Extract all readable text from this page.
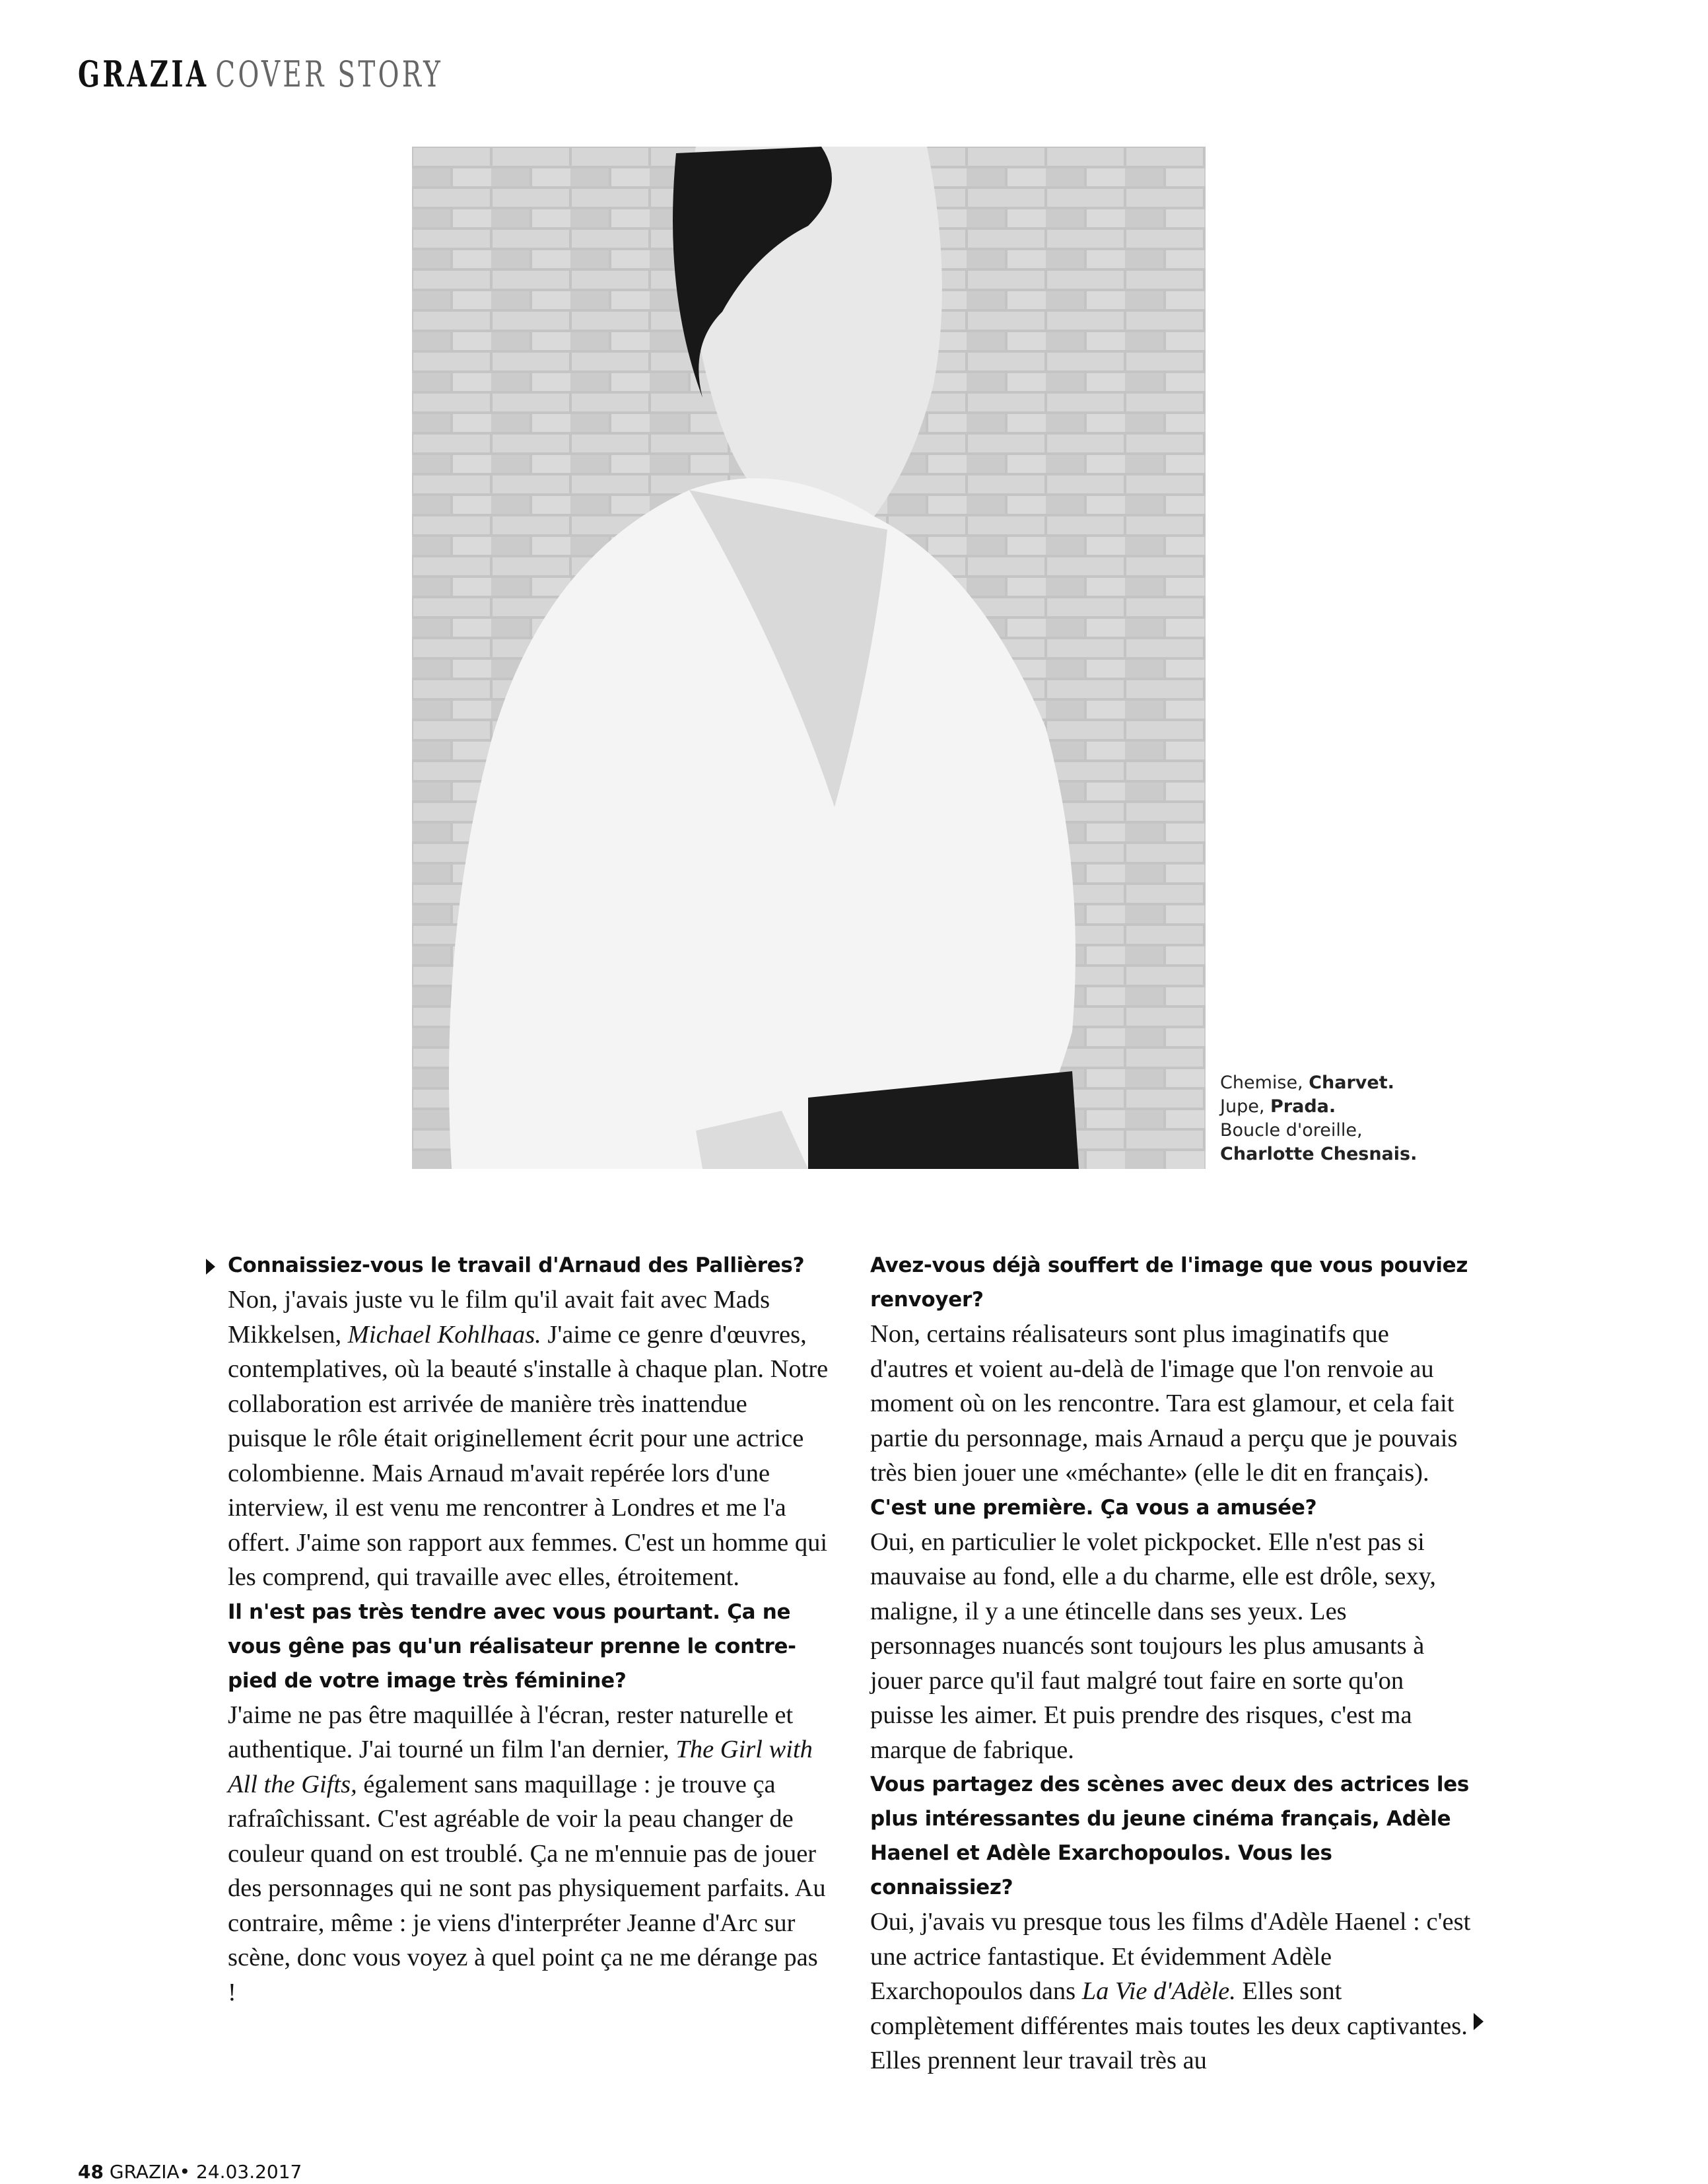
GRAZIA COVER STORY
Chemise, Charvet.
Jupe, Prada.
Boucle d'oreille,
Charlotte Chesnais.

Connaissiez-vous le travail d'Arnaud des Pallières?

Non, j'avais juste vu le film qu'il avait fait avec Mads Mikkelsen, Michael Kohlhaas. J'aime ce genre d'œuvres, contemplatives, où la beauté s'installe à chaque plan. Notre collaboration est arrivée de manière très inattendue puisque le rôle était originellement écrit pour une actrice colombienne. Mais Arnaud m'avait repérée lors d'une interview, il est venu me rencontrer à Londres et me l'a offert. J'aime son rapport aux femmes. C'est un homme qui les comprend, qui travaille avec elles, étroitement.

Il n'est pas très tendre avec vous pourtant. Ça ne vous gêne pas qu'un réalisateur prenne le contre-pied de votre image très féminine?

J'aime ne pas être maquillée à l'écran, rester naturelle et authentique. J'ai tourné un film l'an dernier, The Girl with All the Gifts, également sans maquillage : je trouve ça rafraîchissant. C'est agréable de voir la peau changer de couleur quand on est troublé. Ça ne m'ennuie pas de jouer des personnages qui ne sont pas physiquement parfaits. Au contraire, même : je viens d'interpréter Jeanne d'Arc sur scène, donc vous voyez à quel point ça ne me dérange pas !

Avez-vous déjà souffert de l'image que vous pouviez renvoyer?

Non, certains réalisateurs sont plus imaginatifs que d'autres et voient au-delà de l'image que l'on renvoie au moment où on les rencontre. Tara est glamour, et cela fait partie du personnage, mais Arnaud a perçu que je pouvais très bien jouer une «méchante» (elle le dit en français).

C'est une première. Ça vous a amusée?

Oui, en particulier le volet pickpocket. Elle n'est pas si mauvaise au fond, elle a du charme, elle est drôle, sexy, maligne, il y a une étincelle dans ses yeux. Les personnages nuancés sont toujours les plus amusants à jouer parce qu'il faut malgré tout faire en sorte qu'on puisse les aimer. Et puis prendre des risques, c'est ma marque de fabrique.

Vous partagez des scènes avec deux des actrices les plus intéressantes du jeune cinéma français, Adèle Haenel et Adèle Exarchopoulos. Vous les connaissiez?

Oui, j'avais vu presque tous les films d'Adèle Haenel : c'est une actrice fantastique. Et évidemment Adèle Exarchopoulos dans La Vie d'Adèle. Elles sont complètement différentes mais toutes les deux captivantes. Elles prennent leur travail très au

48 GRAZIA• 24.03.2017
